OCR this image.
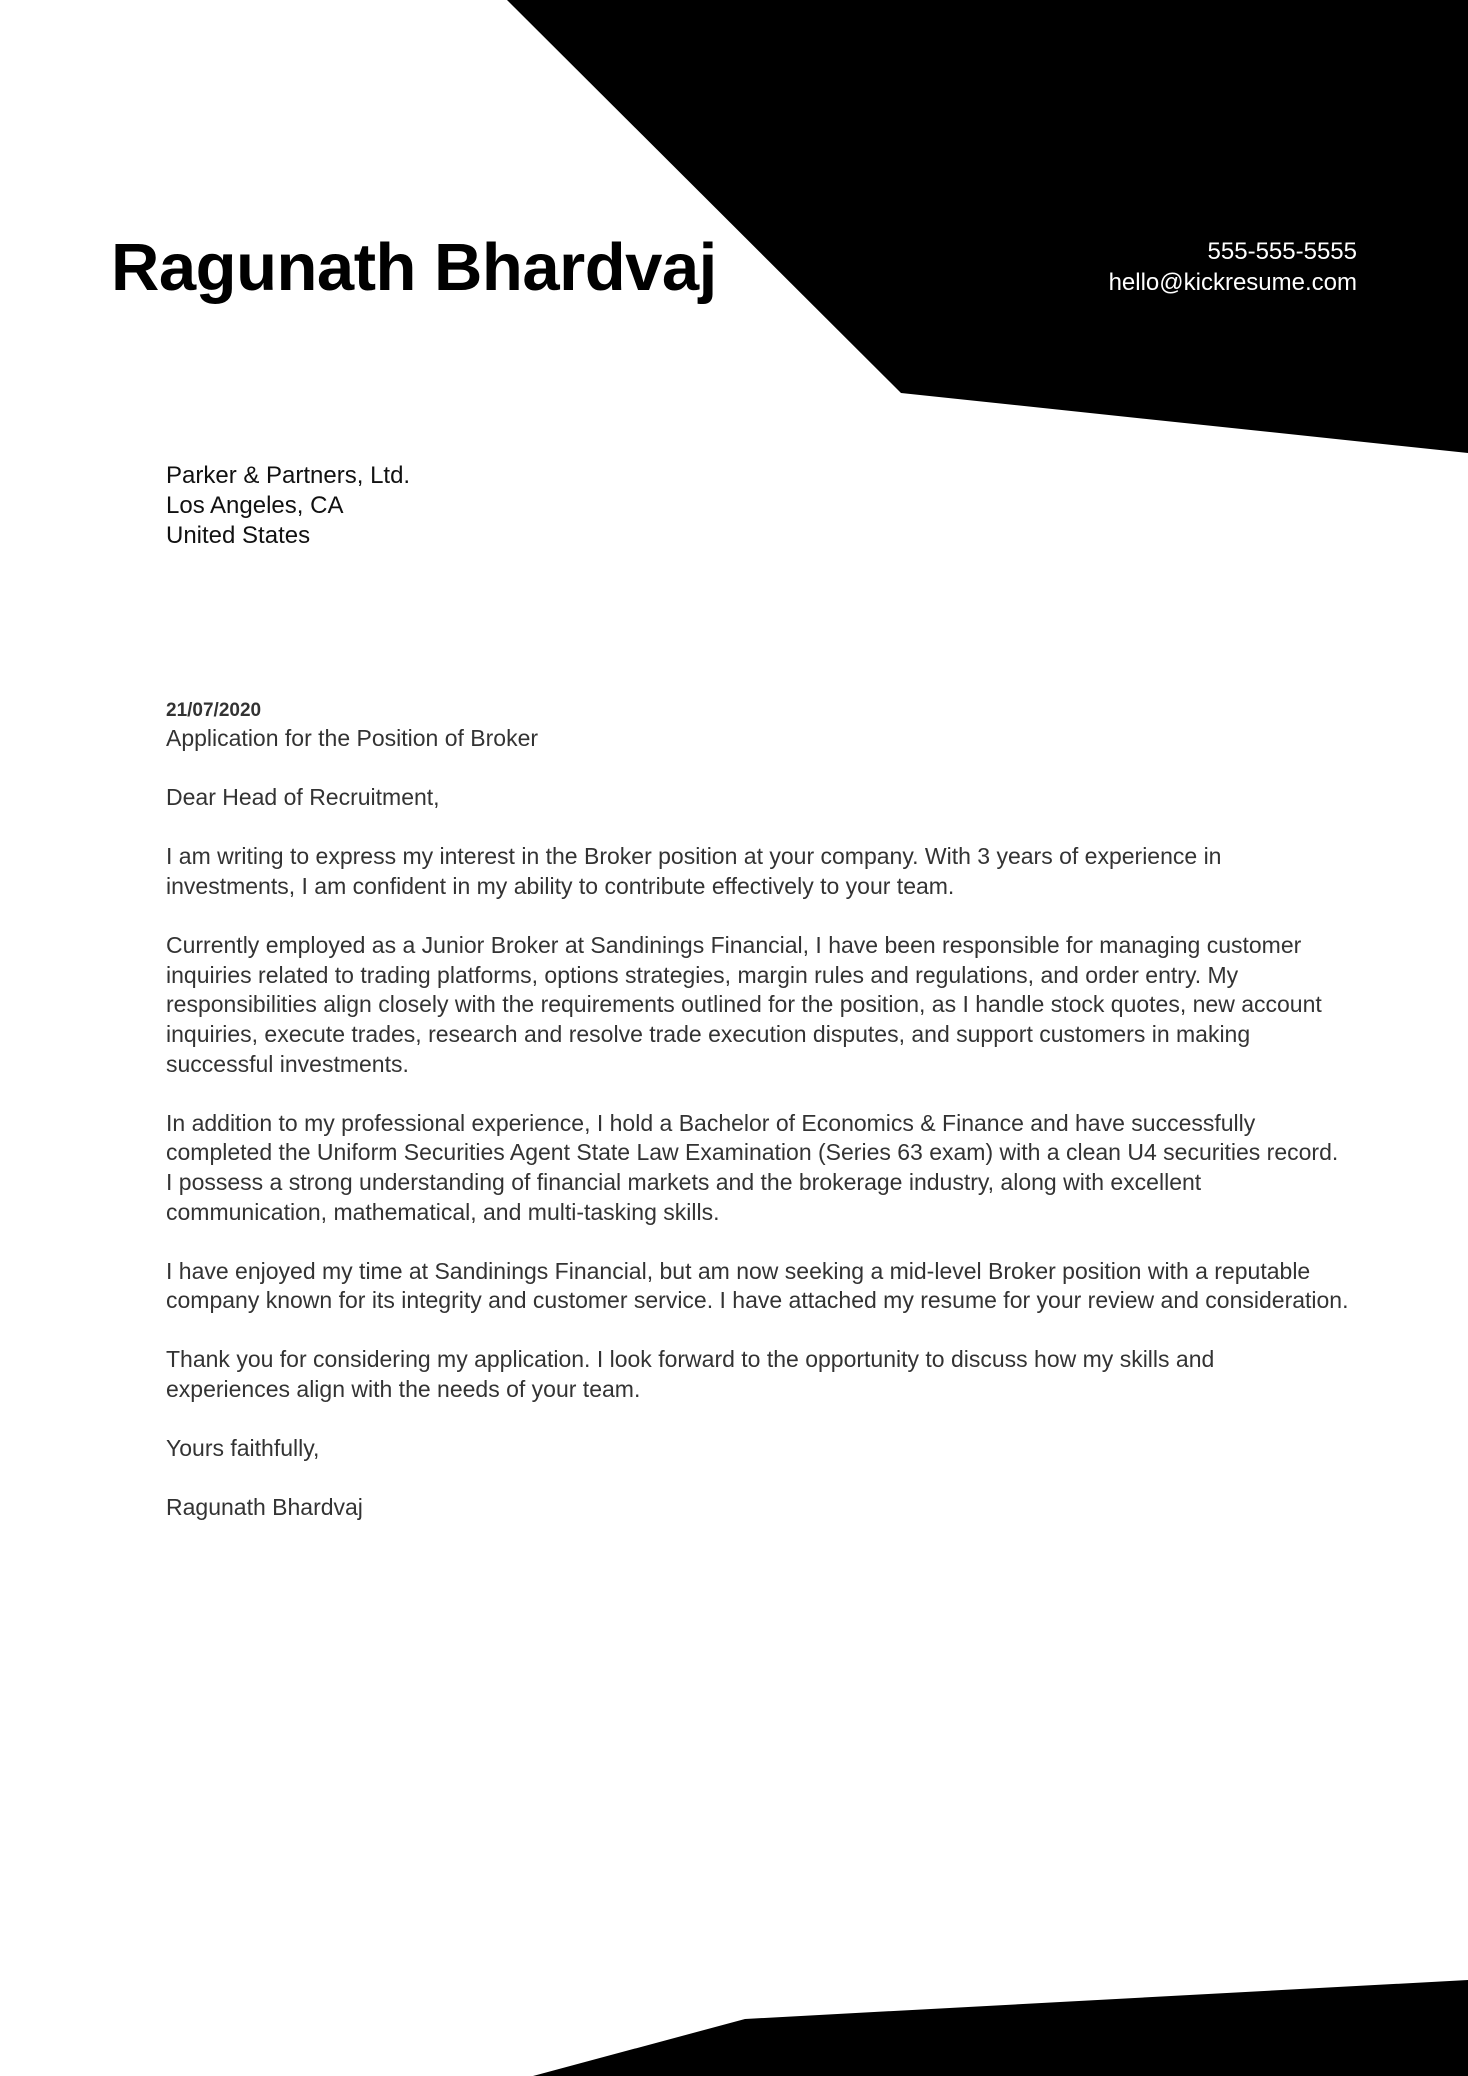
Ragunath Bhardvaj	555-555-5555
hello@kickresume.com
Parker & Partners, Ltd.
Los Angeles, CA
United States
21/07/2020
Application for the Position of Broker

Dear Head of Recruitment,

I am writing to express my interest in the Broker position at your company. With 3 years of experience in investments, I am confident in my ability to contribute effectively to your team.

Currently employed as a Junior Broker at Sandinings Financial, I have been responsible for managing customer inquiries related to trading platforms, options strategies, margin rules and regulations, and order entry. My responsibilities align closely with the requirements outlined for the position, as I handle stock quotes, new account inquiries, execute trades, research and resolve trade execution disputes, and support customers in making successful investments.

In addition to my professional experience, I hold a Bachelor of Economics & Finance and have successfully completed the Uniform Securities Agent State Law Examination (Series 63 exam) with a clean U4 securities record. I possess a strong understanding of financial markets and the brokerage industry, along with excellent communication, mathematical, and multi-tasking skills.

I have enjoyed my time at Sandinings Financial, but am now seeking a mid-level Broker position with a reputable company known for its integrity and customer service. I have attached my resume for your review and consideration.

Thank you for considering my application. I look forward to the opportunity to discuss how my skills and experiences align with the needs of your team.

Yours faithfully,

Ragunath Bhardvaj
